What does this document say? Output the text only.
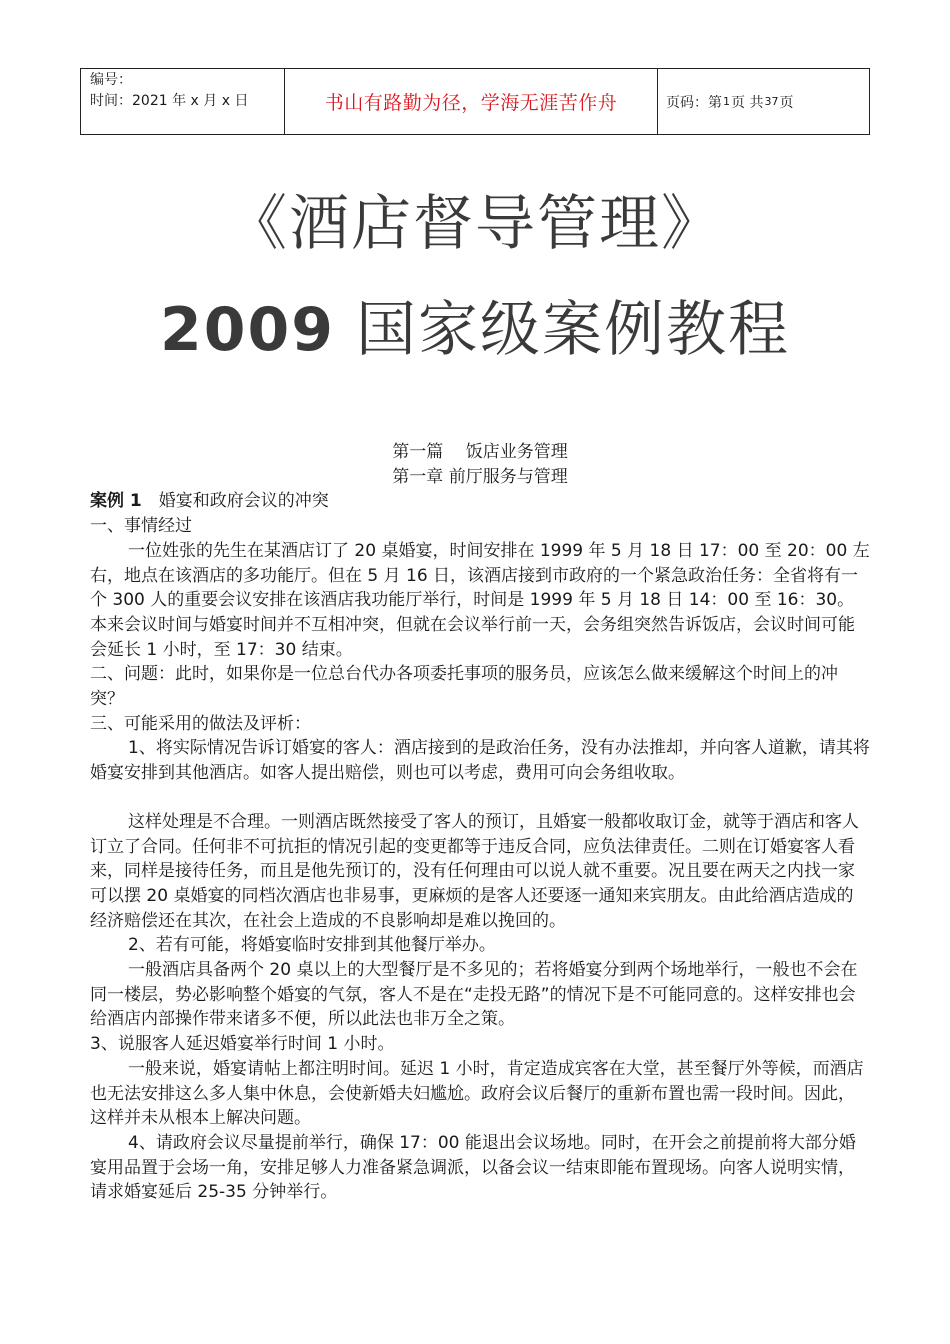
编号：
时间：2021 年 x 月 x 日	书山有路勤为径，学海无涯苦作舟	页码：第 1 页 共 37 页
《酒店督导管理》
2009 国家级案例教程

第一篇　 饭店业务管理

第一章 前厅服务与管理

案例 1　婚宴和政府会议的冲突

一、事情经过

一位姓张的先生在某酒店订了 20 桌婚宴，时间安排在 1999 年 5 月 18 日 17：00 至 20：00 左右，地点在该酒店的多功能厅。但在 5 月 16 日，该酒店接到市政府的一个紧急政治任务：全省将有一个 300 人的重要会议安排在该酒店我功能厅举行，时间是 1999 年 5 月 18 日 14：00 至 16：30。本来会议时间与婚宴时间并不互相冲突，但就在会议举行前一天，会务组突然告诉饭店，会议时间可能会延长 1 小时，至 17：30 结束。

二、问题：此时，如果你是一位总台代办各项委托事项的服务员，应该怎么做来缓解这个时间上的冲突？

三、可能采用的做法及评析：

1、将实际情况告诉订婚宴的客人：酒店接到的是政治任务，没有办法推却，并向客人道歉，请其将婚宴安排到其他酒店。如客人提出赔偿，则也可以考虑，费用可向会务组收取。

这样处理是不合理。一则酒店既然接受了客人的预订，且婚宴一般都收取订金，就等于酒店和客人订立了合同。任何非不可抗拒的情况引起的变更都等于违反合同，应负法律责任。二则在订婚宴客人看来，同样是接待任务，而且是他先预订的，没有任何理由可以说人就不重要。况且要在两天之内找一家可以摆 20 桌婚宴的同档次酒店也非易事，更麻烦的是客人还要逐一通知来宾朋友。由此给酒店造成的经济赔偿还在其次，在社会上造成的不良影响却是难以挽回的。

2、若有可能，将婚宴临时安排到其他餐厅举办。

一般酒店具备两个 20 桌以上的大型餐厅是不多见的；若将婚宴分到两个场地举行，一般也不会在同一楼层，势必影响整个婚宴的气氛，客人不是在“走投无路”的情况下是不可能同意的。这样安排也会给酒店内部操作带来诸多不便，所以此法也非万全之策。

3、说服客人延迟婚宴举行时间 1 小时。

一般来说，婚宴请帖上都注明时间。延迟 1 小时，肯定造成宾客在大堂，甚至餐厅外等候，而酒店也无法安排这么多人集中休息，会使新婚夫妇尴尬。政府会议后餐厅的重新布置也需一段时间。因此，这样并未从根本上解决问题。

4、请政府会议尽量提前举行，确保 17：00 能退出会议场地。同时，在开会之前提前将大部分婚宴用品置于会场一角，安排足够人力准备紧急调派，以备会议一结束即能布置现场。向客人说明实情，请求婚宴延后 25-35 分钟举行。
